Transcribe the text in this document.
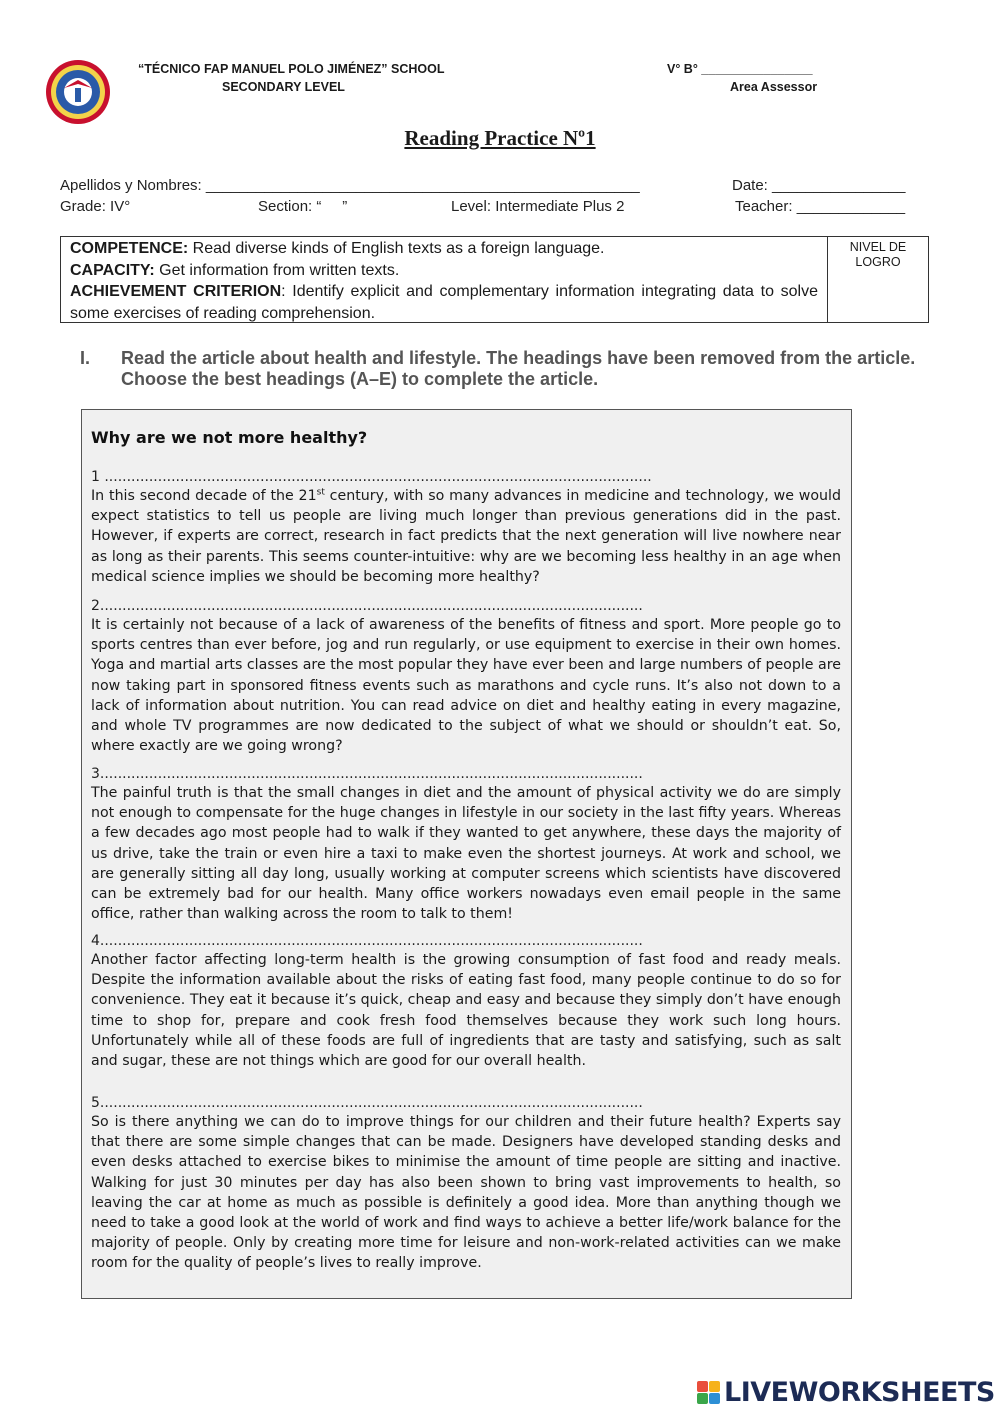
“TÉCNICO FAP MANUEL POLO JIMÉNEZ” SCHOOL
SECONDARY LEVEL
V° B° ________________
Area Assessor
Reading Practice Nº1
Apellidos y Nombres: ____________________________________________________	Date: ________________
Grade: IV°	Section: “     ”	Level: Intermediate Plus 2	Teacher: _____________

COMPETENCE: Read diverse kinds of English texts as a foreign language.

CAPACITY: Get information from written texts.

ACHIEVEMENT CRITERION: Identify explicit and complementary information integrating data to solve some exercises of reading comprehension.

NIVEL DE
LOGRO
I. Read the article about health and lifestyle. The headings have been removed from the article. Choose the best headings (A–E) to complete the article.
Why are we not more healthy?
1 ...........................................................................................................................

In this second decade of the 21st century, with so many advances in medicine and technology, we would expect statistics to tell us people are living much longer than previous generations did in the past. However, if experts are correct, research in fact predicts that the next generation will live nowhere near as long as their parents. This seems counter-intuitive: why are we becoming less healthy in an age when medical science implies we should be becoming more healthy?

2..........................................................................................................................

It is certainly not because of a lack of awareness of the benefits of fitness and sport. More people go to sports centres than ever before, jog and run regularly, or use equipment to exercise in their own homes. Yoga and martial arts classes are the most popular they have ever been and large numbers of people are now taking part in sponsored fitness events such as marathons and cycle runs. It’s also not down to a lack of information about nutrition. You can read advice on diet and healthy eating in every magazine, and whole TV programmes are now dedicated to the subject of what we should or shouldn’t eat. So, where exactly are we going wrong?

3..........................................................................................................................

The painful truth is that the small changes in diet and the amount of physical activity we do are simply not enough to compensate for the huge changes in lifestyle in our society in the last fifty years. Whereas a few decades ago most people had to walk if they wanted to get anywhere, these days the majority of us drive, take the train or even hire a taxi to make even the shortest journeys. At work and school, we are generally sitting all day long, usually working at computer screens which scientists have discovered can be extremely bad for our health. Many office workers nowadays even email people in the same office, rather than walking across the room to talk to them!

4..........................................................................................................................

Another factor affecting long-term health is the growing consumption of fast food and ready meals. Despite the information available about the risks of eating fast food, many people continue to do so for convenience. They eat it because it’s quick, cheap and easy and because they simply don’t have enough time to shop for, prepare and cook fresh food themselves because they work such long hours. Unfortunately while all of these foods are full of ingredients that are tasty and satisfying, such as salt and sugar, these are not things which are good for our overall health.

5..........................................................................................................................

So is there anything we can do to improve things for our children and their future health? Experts say that there are some simple changes that can be made. Designers have developed standing desks and even desks attached to exercise bikes to minimise the amount of time people are sitting and inactive. Walking for just 30 minutes per day has also been shown to bring vast improvements to health, so leaving the car at home as much as possible is definitely a good idea. More than anything though we need to take a good look at the world of work and find ways to achieve a better life/work balance for the majority of people. Only by creating more time for leisure and non-work-related activities can we make room for the quality of people’s lives to really improve.

LIVEWORKSHEETS
